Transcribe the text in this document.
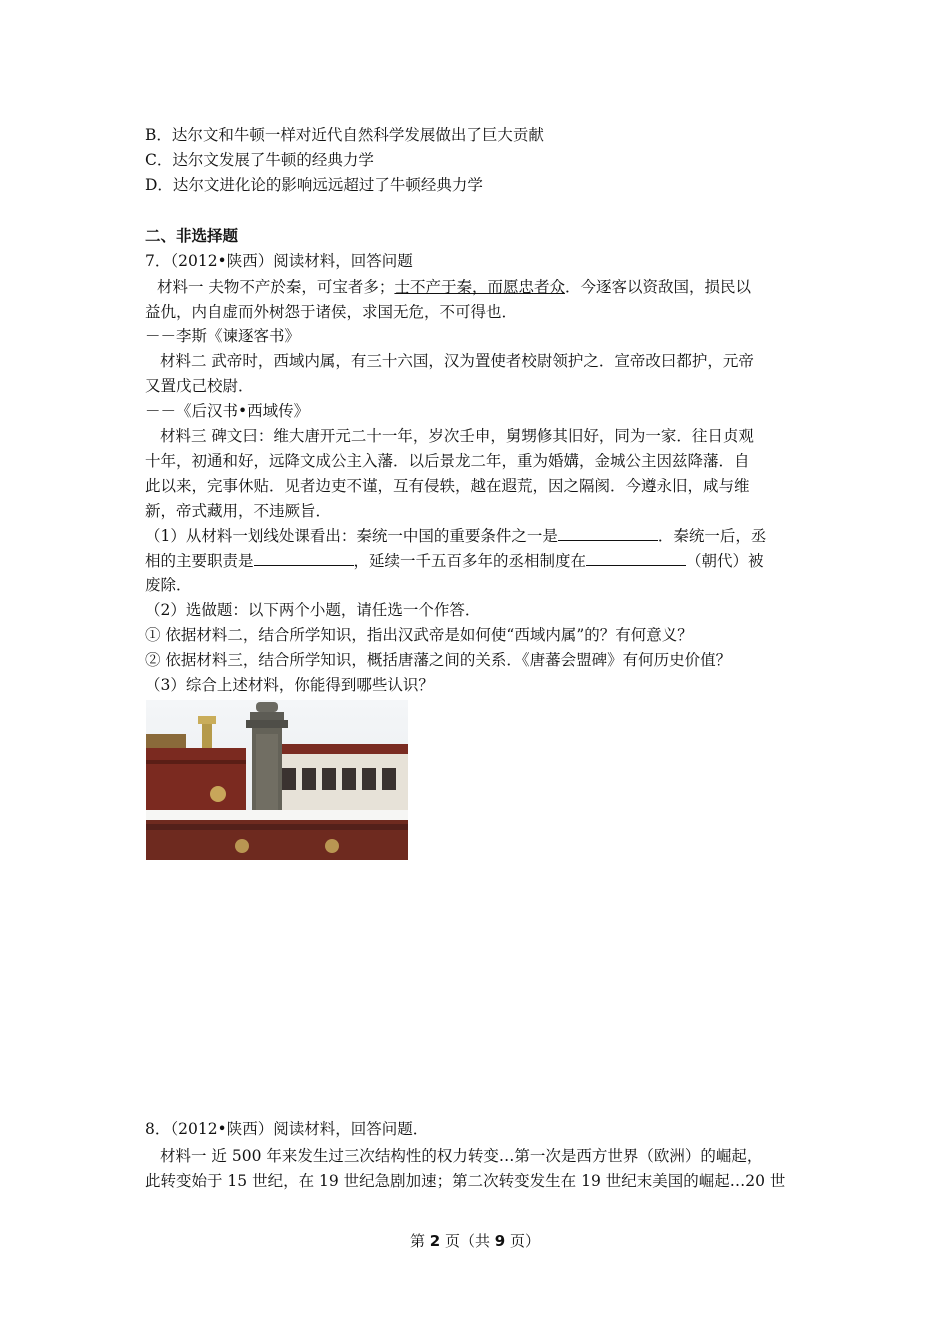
B．达尔文和牛顿一样对近代自然科学发展做出了巨大贡献
C．达尔文发展了牛顿的经典力学
D．达尔文进化论的影响远远超过了牛顿经典力学
二、非选择题
7．（2012•陕西）阅读材料，回答问题
材料一 夫物不产於秦，可宝者多；士不产于秦，而愿忠者众．今逐客以资敌国，损民以
益仇，内自虚而外树怨于诸侯，求国无危，不可得也．
－－李斯《谏逐客书》
材料二 武帝时，西域内属，有三十六国，汉为置使者校尉领护之．宣帝改曰都护，元帝
又置戊己校尉．
－－《后汉书•西域传》
材料三 碑文曰：维大唐开元二十一年，岁次壬申，舅甥修其旧好，同为一家．往日贞观
十年，初通和好，远降文成公主入藩．以后景龙二年，重为婚媾，金城公主因兹降藩．自
此以来，完事休贴．见者边吏不谨，互有侵轶，越在遐荒，因之隔阂．今遵永旧，咸与维
新，帝式藏用，不违厥旨．
（1）从材料一划线处课看出：秦统一中国的重要条件之一是	．秦统一后，丞
相的主要职责是	，延续一千五百多年的丞相制度在	（朝代）被
废除．
（2）选做题：以下两个小题，请任选一个作答．
① 依据材料二，结合所学知识，指出汉武帝是如何使“西域内属”的？有何意义？
② 依据材料三，结合所学知识，概括唐藩之间的关系．《唐蕃会盟碑》有何历史价值？
（3）综合上述材料，你能得到哪些认识？
8．（2012•陕西）阅读材料，回答问题．
材料一 近 500 年来发生过三次结构性的权力转变…第一次是西方世界（欧洲）的崛起，
此转变始于 15 世纪，在 19 世纪急剧加速；第二次转变发生在 19 世纪末美国的崛起…20 世
第 2 页（共 9 页）
